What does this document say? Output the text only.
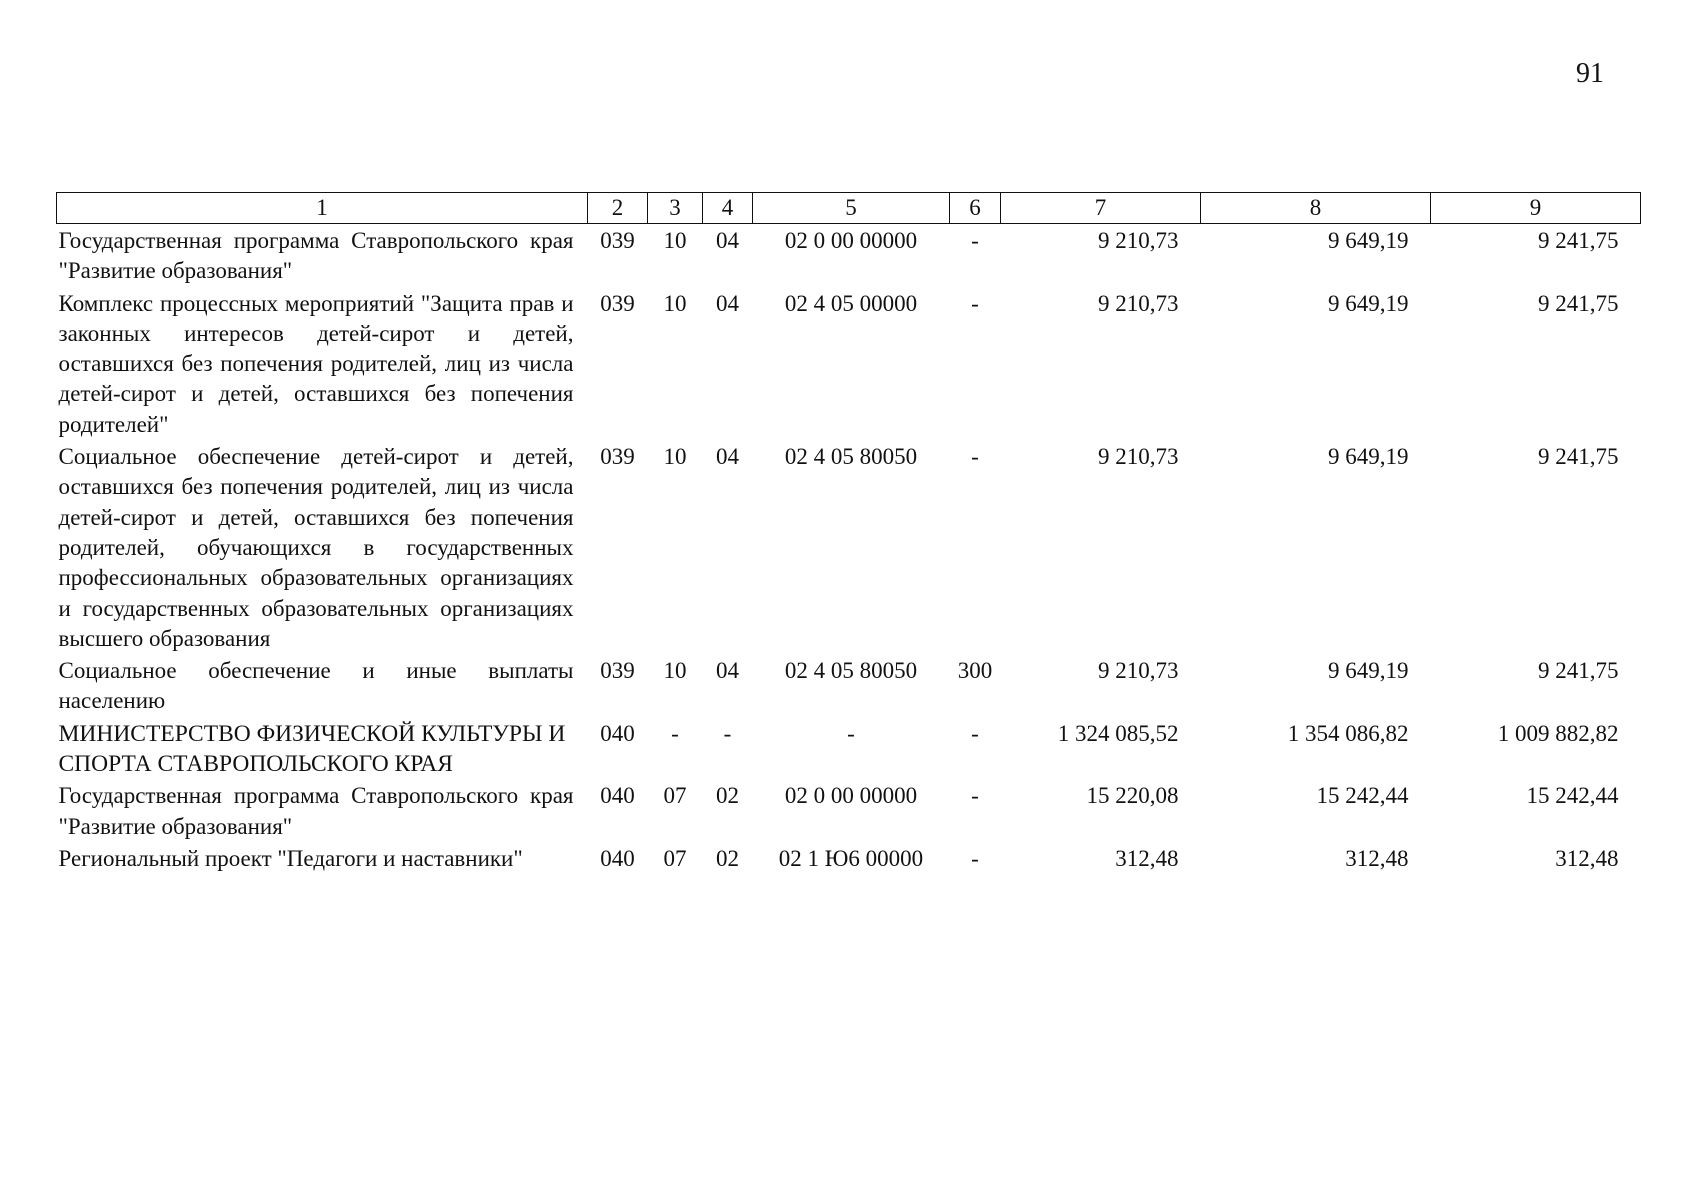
91
1	2	3	4	5	6	7	8	9
Государственная программа Ставропольского края "Развитие образования"	039	10	04	02 0 00 00000	-	9 210,73	9 649,19	9 241,75
Комплекс процессных мероприятий "Защита прав и законных интересов детей-сирот и детей, оставшихся без попечения родителей, лиц из числа детей-сирот и детей, оставшихся без попечения родителей"	039	10	04	02 4 05 00000	-	9 210,73	9 649,19	9 241,75
Социальное обеспечение детей-сирот и детей, оставшихся без попечения родителей, лиц из числа детей-сирот и детей, оставшихся без попечения родителей, обучающихся в государственных профессиональных образовательных организациях и государственных образовательных организациях высшего образования	039	10	04	02 4 05 80050	-	9 210,73	9 649,19	9 241,75
Социальное обеспечение и иные выплаты населению	039	10	04	02 4 05 80050	300	9 210,73	9 649,19	9 241,75
МИНИСТЕРСТВО ФИЗИЧЕСКОЙ КУЛЬТУРЫ И СПОРТА СТАВРОПОЛЬСКОГО КРАЯ	040	-	-	-	-	1 324 085,52	1 354 086,82	1 009 882,82
Государственная программа Ставропольского края "Развитие образования"	040	07	02	02 0 00 00000	-	15 220,08	15 242,44	15 242,44
Региональный проект "Педагоги и наставники"	040	07	02	02 1 Ю6 00000	-	312,48	312,48	312,48
